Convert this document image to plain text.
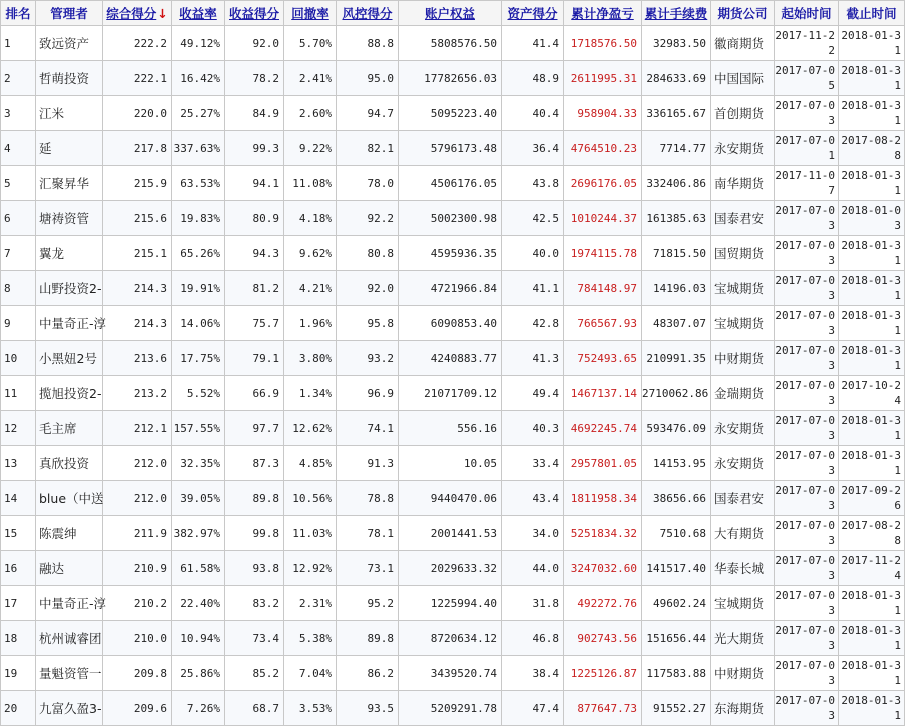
排名	管理者	综合得分↓	收益率	收益得分	回撤率	风控得分	账户权益	资产得分	累计净盈亏	累计手续费	期货公司	起始时间	截止时间
1	致远资产	222.2	49.12%	92.0	5.70%	88.8	5808576.50	41.4	1718576.50	32983.50	徽商期货	2017-11-22	2018-01-31
2	哲萌投资	222.1	16.42%	78.2	2.41%	95.0	17782656.03	48.9	2611995.31	284633.69	中国国际	2017-07-05	2018-01-31
3	江米	220.0	25.27%	84.9	2.60%	94.7	5095223.40	40.4	958904.33	336165.67	首创期货	2017-07-03	2018-01-31
4	延	217.8	337.63%	99.3	9.22%	82.1	5796173.48	36.4	4764510.23	7714.77	永安期货	2017-07-01	2017-08-28
5	汇聚昇华	215.9	63.53%	94.1	11.08%	78.0	4506176.05	43.8	2696176.05	332406.86	南华期货	2017-11-07	2018-01-31
6	塘祷资管	215.6	19.83%	80.9	4.18%	92.2	5002300.98	42.5	1010244.37	161385.63	国泰君安	2017-07-03	2018-01-03
7	翼龙	215.1	65.26%	94.3	9.62%	80.8	4595936.35	40.0	1974115.78	71815.50	国贸期货	2017-07-03	2018-01-31
8	山野投资2-	214.3	19.91%	81.2	4.21%	92.0	4721966.84	41.1	784148.97	14196.03	宝城期货	2017-07-03	2018-01-31
9	中量奇正-淳	214.3	14.06%	75.7	1.96%	95.8	6090853.40	42.8	766567.93	48307.07	宝城期货	2017-07-03	2018-01-31
10	小黑妞2号	213.6	17.75%	79.1	3.80%	93.2	4240883.77	41.3	752493.65	210991.35	中财期货	2017-07-03	2018-01-31
11	揽旭投资2-	213.2	5.52%	66.9	1.34%	96.9	21071709.12	49.4	1467137.14	2710062.86	金瑞期货	2017-07-03	2017-10-24
12	毛主席	212.1	157.55%	97.7	12.62%	74.1	556.16	40.3	4692245.74	593476.09	永安期货	2017-07-03	2018-01-31
13	真欣投资	212.0	32.35%	87.3	4.85%	91.3	10.05	33.4	2957801.05	14153.95	永安期货	2017-07-03	2018-01-31
14	blue（中送	212.0	39.05%	89.8	10.56%	78.8	9440470.06	43.4	1811958.34	38656.66	国泰君安	2017-07-03	2017-09-26
15	陈震绅	211.9	382.97%	99.8	11.03%	78.1	2001441.53	34.0	5251834.32	7510.68	大有期货	2017-07-03	2017-08-28
16	融达	210.9	61.58%	93.8	12.92%	73.1	2029633.32	44.0	3247032.60	141517.40	华泰长城	2017-07-03	2017-11-24
17	中量奇正-淳	210.2	22.40%	83.2	2.31%	95.2	1225994.40	31.8	492272.76	49602.24	宝城期货	2017-07-03	2018-01-31
18	杭州诚睿团	210.0	10.94%	73.4	5.38%	89.8	8720634.12	46.8	902743.56	151656.44	光大期货	2017-07-03	2018-01-31
19	量魁资管一	209.8	25.86%	85.2	7.04%	86.2	3439520.74	38.4	1225126.87	117583.88	中财期货	2017-07-03	2018-01-31
20	九富久盈3-	209.6	7.26%	68.7	3.53%	93.5	5209291.78	47.4	877647.73	91552.27	东海期货	2017-07-03	2018-01-31
